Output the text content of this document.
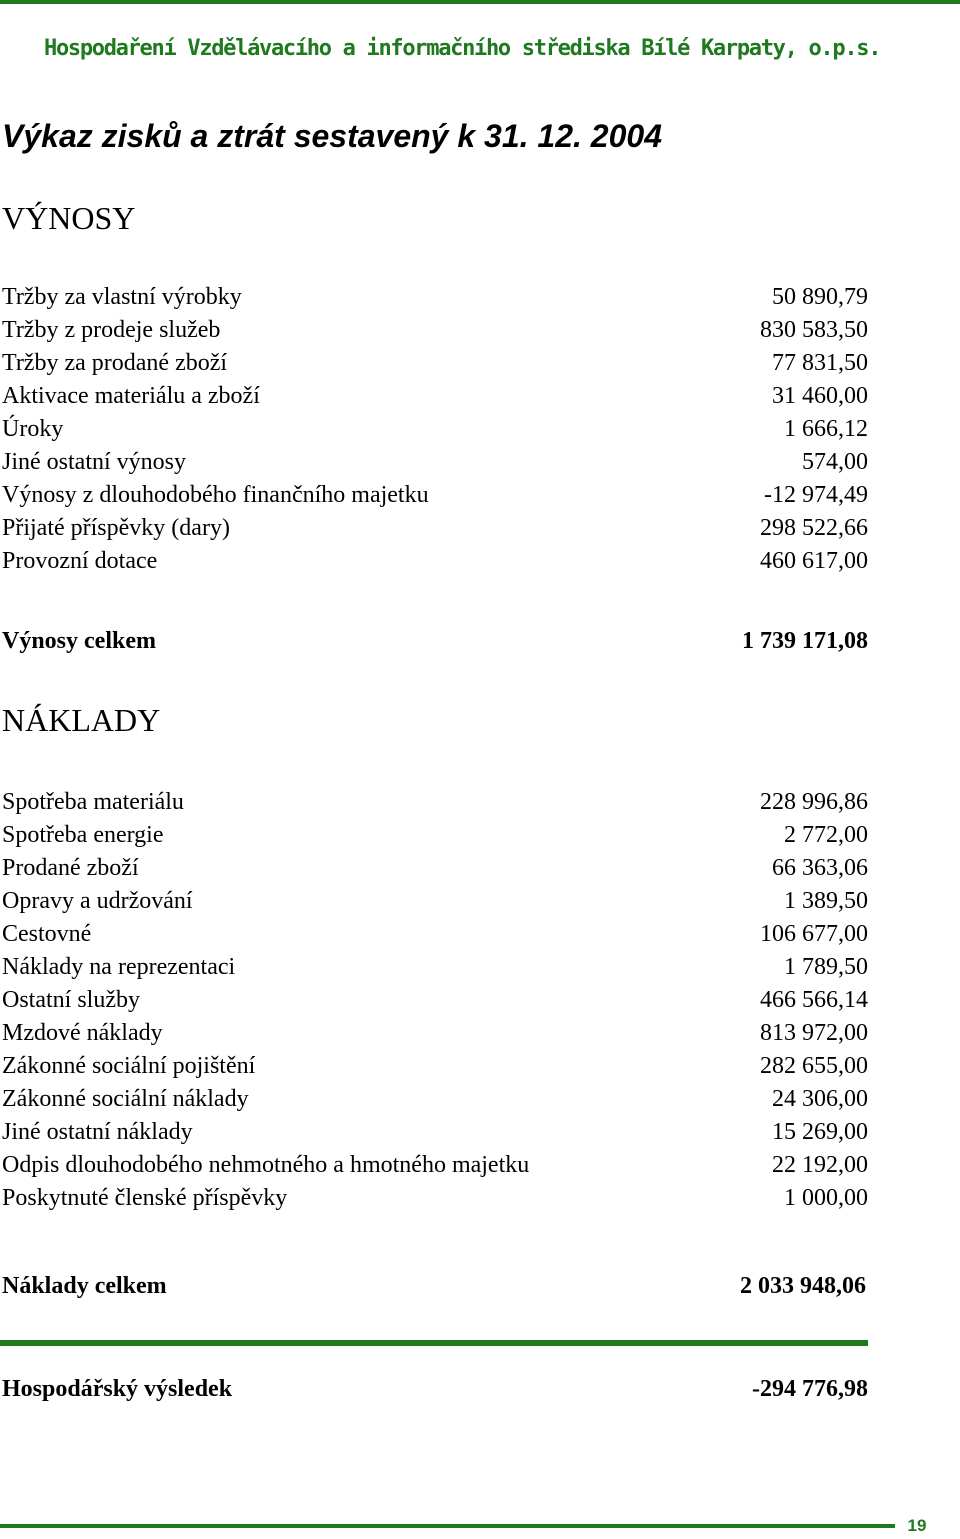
Hospodaření Vzdělávacího a informačního střediska Bílé Karpaty, o.p.s.
Výkaz zisků a ztrát sestavený k 31. 12. 2004
VÝNOSY
Tržby za vlastní výrobky	50 890,79
Tržby z prodeje služeb	830 583,50
Tržby za prodané zboží	77 831,50
Aktivace materiálu a zboží	31 460,00
Úroky	1 666,12
Jiné ostatní výnosy	574,00
Výnosy z dlouhodobého finančního majetku	-12 974,49
Přijaté příspěvky (dary)	298 522,66
Provozní dotace	460 617,00
Výnosy celkem	1 739 171,08
NÁKLADY
Spotřeba materiálu	228 996,86
Spotřeba energie	2 772,00
Prodané zboží	66 363,06
Opravy a udržování	1 389,50
Cestovné	106 677,00
Náklady na reprezentaci	1 789,50
Ostatní služby	466 566,14
Mzdové náklady	813 972,00
Zákonné sociální pojištění	282 655,00
Zákonné sociální náklady	24 306,00
Jiné ostatní náklady	15 269,00
Odpis dlouhodobého nehmotného a hmotného majetku	22 192,00
Poskytnuté členské příspěvky	1 000,00
Náklady celkem	2 033 948,06
Hospodářský výsledek	-294 776,98
19
